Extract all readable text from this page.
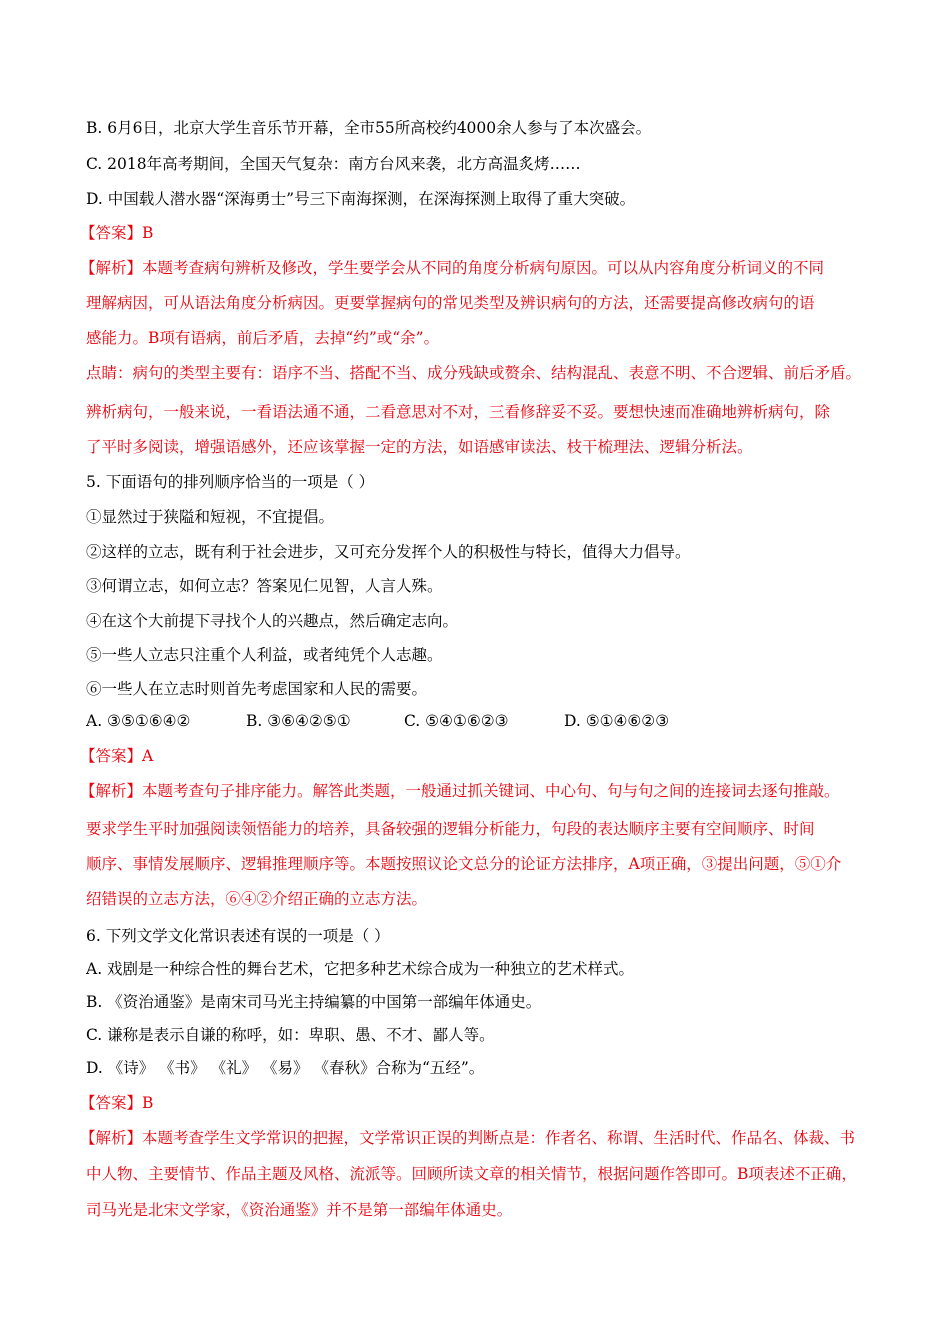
B. 6月6日，北京大学生音乐节开幕，全市55所高校约4000余人参与了本次盛会。
C. 2018年高考期间，全国天气复杂：南方台风来袭，北方高温炙烤……
D. 中国载人潜水器“深海勇士”号三下南海探测，在深海探测上取得了重大突破。
【答案】B
【解析】本题考查病句辨析及修改，学生要学会从不同的角度分析病句原因。可以从内容角度分析词义的不同
理解病因，可从语法角度分析病因。更要掌握病句的常见类型及辨识病句的方法，还需要提高修改病句的语
感能力。B项有语病，前后矛盾，去掉“约”或“余”。
点睛：病句的类型主要有：语序不当、搭配不当、成分残缺或赘余、结构混乱、表意不明、不合逻辑、前后矛盾。
辨析病句，一般来说，一看语法通不通，二看意思对不对，三看修辞妥不妥。要想快速而准确地辨析病句，除
了平时多阅读，增强语感外，还应该掌握一定的方法，如语感审读法、枝干梳理法、逻辑分析法。
5. 下面语句的排列顺序恰当的一项是（ ）
①显然过于狭隘和短视，不宜提倡。
②这样的立志，既有利于社会进步，又可充分发挥个人的积极性与特长，值得大力倡导。
③何谓立志，如何立志？答案见仁见智，人言人殊。
④在这个大前提下寻找个人的兴趣点，然后确定志向。
⑤一些人立志只注重个人利益，或者纯凭个人志趣。
⑥一些人在立志时则首先考虑国家和人民的需要。
A. ③⑤①⑥④②	B. ③⑥④②⑤①	C. ⑤④①⑥②③	D. ⑤①④⑥②③
【答案】A
【解析】本题考查句子排序能力。解答此类题，一般通过抓关键词、中心句、句与句之间的连接词去逐句推敲。
要求学生平时加强阅读领悟能力的培养，具备较强的逻辑分析能力，句段的表达顺序主要有空间顺序、时间
顺序、事情发展顺序、逻辑推理顺序等。本题按照议论文总分的论证方法排序，A项正确，③提出问题，⑤①介
绍错误的立志方法，⑥④②介绍正确的立志方法。
6. 下列文学文化常识表述有误的一项是（ ）
A. 戏剧是一种综合性的舞台艺术，它把多种艺术综合成为一种独立的艺术样式。
B. 《资治通鉴》是南宋司马光主持编纂的中国第一部编年体通史。
C. 谦称是表示自谦的称呼，如：卑职、愚、不才、鄙人等。
D. 《诗》 《书》 《礼》 《易》 《春秋》合称为“五经”。
【答案】B
【解析】本题考查学生文学常识的把握，文学常识正误的判断点是：作者名、称谓、生活时代、作品名、体裁、书
中人物、主要情节、作品主题及风格、流派等。回顾所读文章的相关情节，根据问题作答即可。B项表述不正确，
司马光是北宋文学家，《资治通鉴》并不是第一部编年体通史。
